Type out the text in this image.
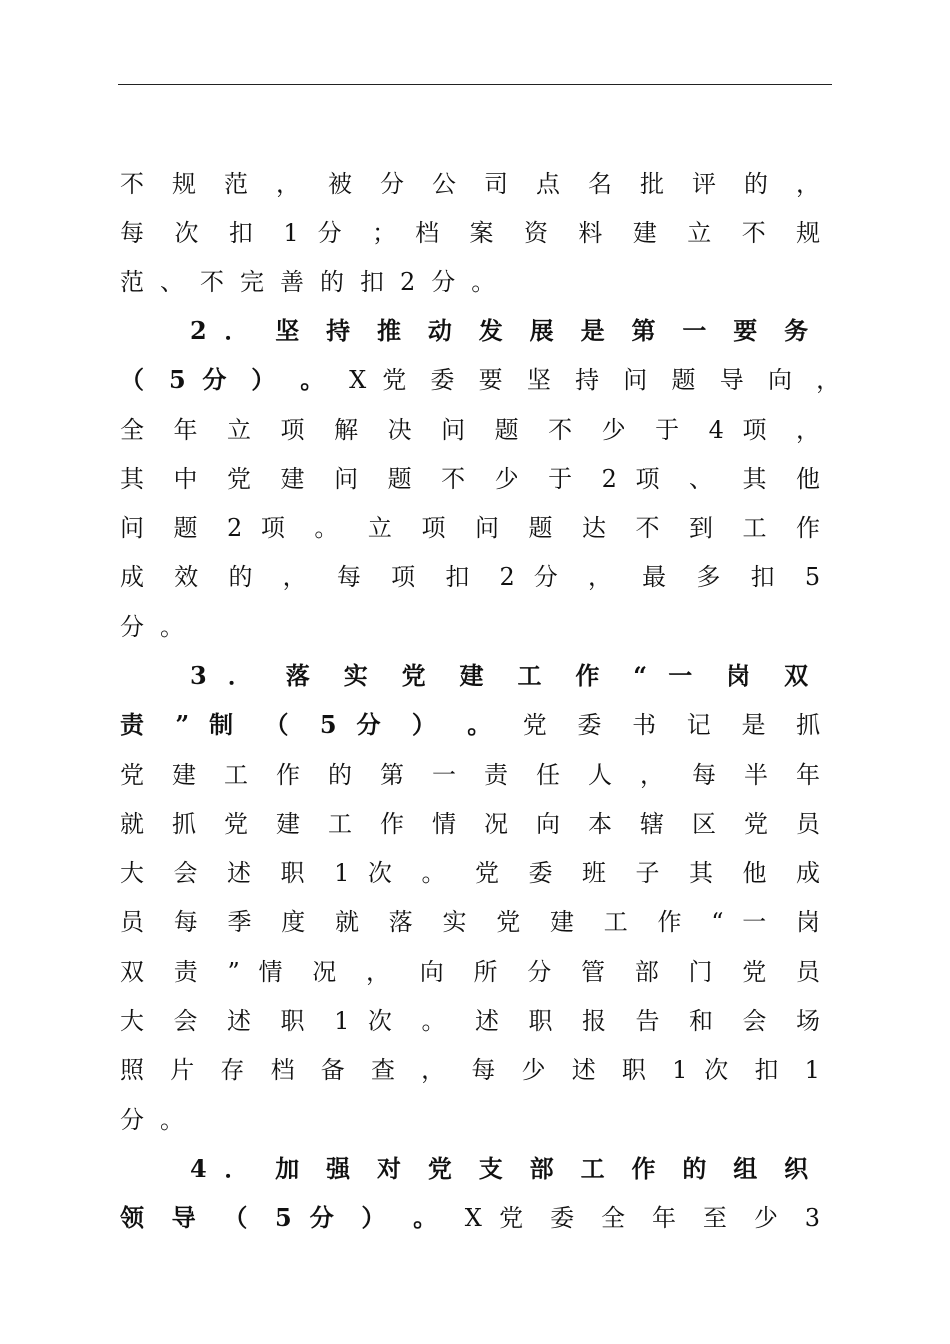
不 规 范 ， 被 分 公 司 点 名 批 评 的 ，
每 次 扣 1 分 ； 档 案 资 料 建 立 不 规
范、不完善的扣2分。
2 ． 坚 持 推 动 发 展 是 第 一 要 务
（ 5 分 ） 。 X 党 委 要 坚 持 问 题 导 向 ，
全 年 立 项 解 决 问 题 不 少 于 4 项 ，
其 中 党 建 问 题 不 少 于 2 项 、 其 他
问 题 2 项 。 立 项 问 题 达 不 到 工 作
成 效 的 ， 每 项 扣 2 分 ， 最 多 扣 5
分。
3 ． 落 实 党 建 工 作 “ 一 岗 双
责 ” 制 （ 5 分 ） 。 党 委 书 记 是 抓
党 建 工 作 的 第 一 责 任 人 ， 每 半 年
就 抓 党 建 工 作 情 况 向 本 辖 区 党 员
大 会 述 职 1 次 。 党 委 班 子 其 他 成
员 每 季 度 就 落 实 党 建 工 作 “ 一 岗
双 责 ” 情 况 ， 向 所 分 管 部 门 党 员
大 会 述 职 1 次 。 述 职 报 告 和 会 场
照 片 存 档 备 查 ， 每 少 述 职 1 次 扣 1
分。
4 ． 加 强 对 党 支 部 工 作 的 组 织
领 导 （ 5 分 ） 。 X 党 委 全 年 至 少 3
